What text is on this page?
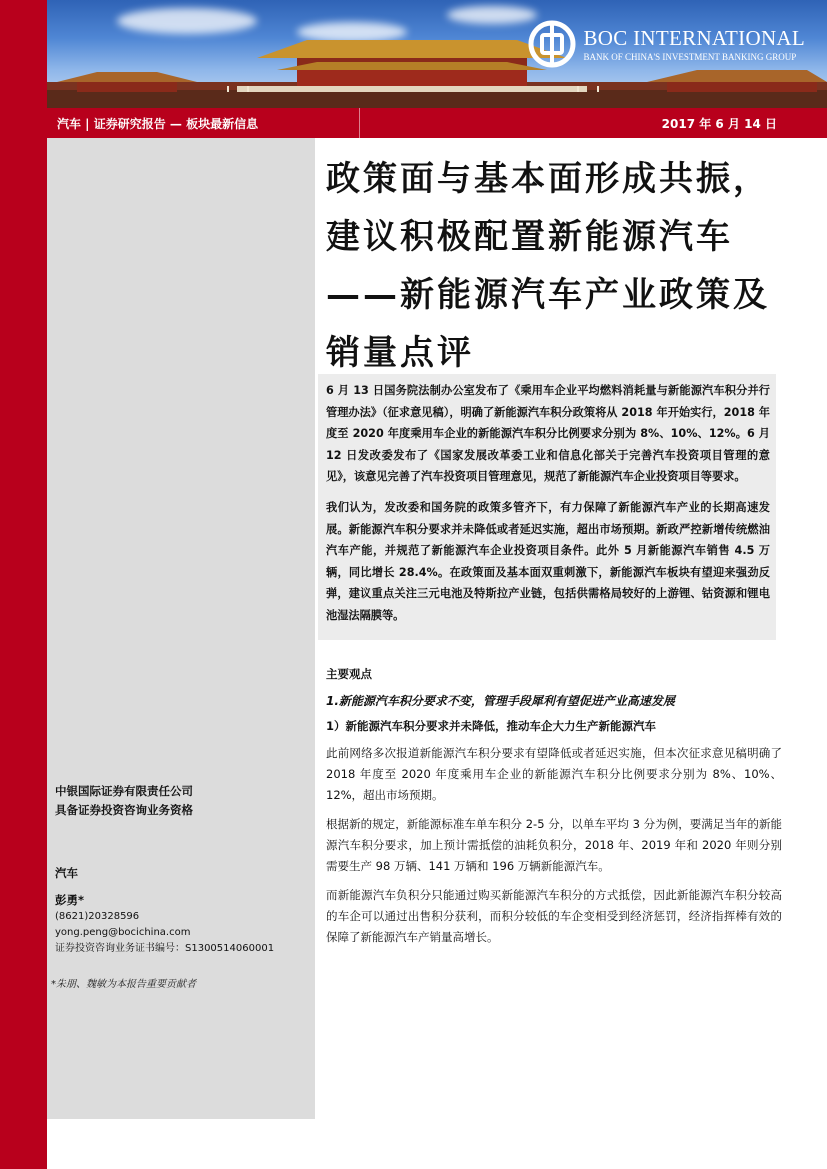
BOC INTERNATIONAL
BANK OF CHINA'S INVESTMENT BANKING GROUP
汽车 | 证券研究报告 — 板块最新信息	2017 年 6 月 14 日
中银国际证券有限责任公司
具备证券投资咨询业务资格
汽车
彭勇*
(8621)20328596
yong.peng@bocichina.com
证券投资咨询业务证书编号：S1300514060001
*朱朋、魏敏为本报告重要贡献者
政策面与基本面形成共振，建议积极配置新能源汽车——新能源汽车产业政策及销量点评

6 月 13 日国务院法制办公室发布了《乘用车企业平均燃料消耗量与新能源汽车积分并行管理办法》（征求意见稿），明确了新能源汽车积分政策将从 2018 年开始实行，2018 年度至 2020 年度乘用车企业的新能源汽车积分比例要求分别为 8%、10%、12%。6 月 12 日发改委发布了《国家发展改革委工业和信息化部关于完善汽车投资项目管理的意见》，该意见完善了汽车投资项目管理意见，规范了新能源汽车企业投资项目等要求。

我们认为，发改委和国务院的政策多管齐下，有力保障了新能源汽车产业的长期高速发展。新能源汽车积分要求并未降低或者延迟实施，超出市场预期。新政严控新增传统燃油汽车产能，并规范了新能源汽车企业投资项目条件。此外 5 月新能源汽车销售 4.5 万辆，同比增长 28.4%。在政策面及基本面双重刺激下，新能源汽车板块有望迎来强劲反弹，建议重点关注三元电池及特斯拉产业链，包括供需格局较好的上游锂、钴资源和锂电池湿法隔膜等。

主要观点
1.新能源汽车积分要求不变，管理手段犀利有望促进产业高速发展
1）新能源汽车积分要求并未降低，推动车企大力生产新能源汽车

此前网络多次报道新能源汽车积分要求有望降低或者延迟实施，但本次征求意见稿明确了 2018 年度至 2020 年度乘用车企业的新能源汽车积分比例要求分别为 8%、10%、12%，超出市场预期。

根据新的规定，新能源标准车单车积分 2-5 分，以单车平均 3 分为例，要满足当年的新能源汽车积分要求，加上预计需抵偿的油耗负积分，2018 年、2019 年和 2020 年则分别需要生产 98 万辆、141 万辆和 196 万辆新能源汽车。

而新能源汽车负积分只能通过购买新能源汽车积分的方式抵偿，因此新能源汽车积分较高的车企可以通过出售积分获利，而积分较低的车企变相受到经济惩罚，经济指挥棒有效的保障了新能源汽车产销量高增长。
